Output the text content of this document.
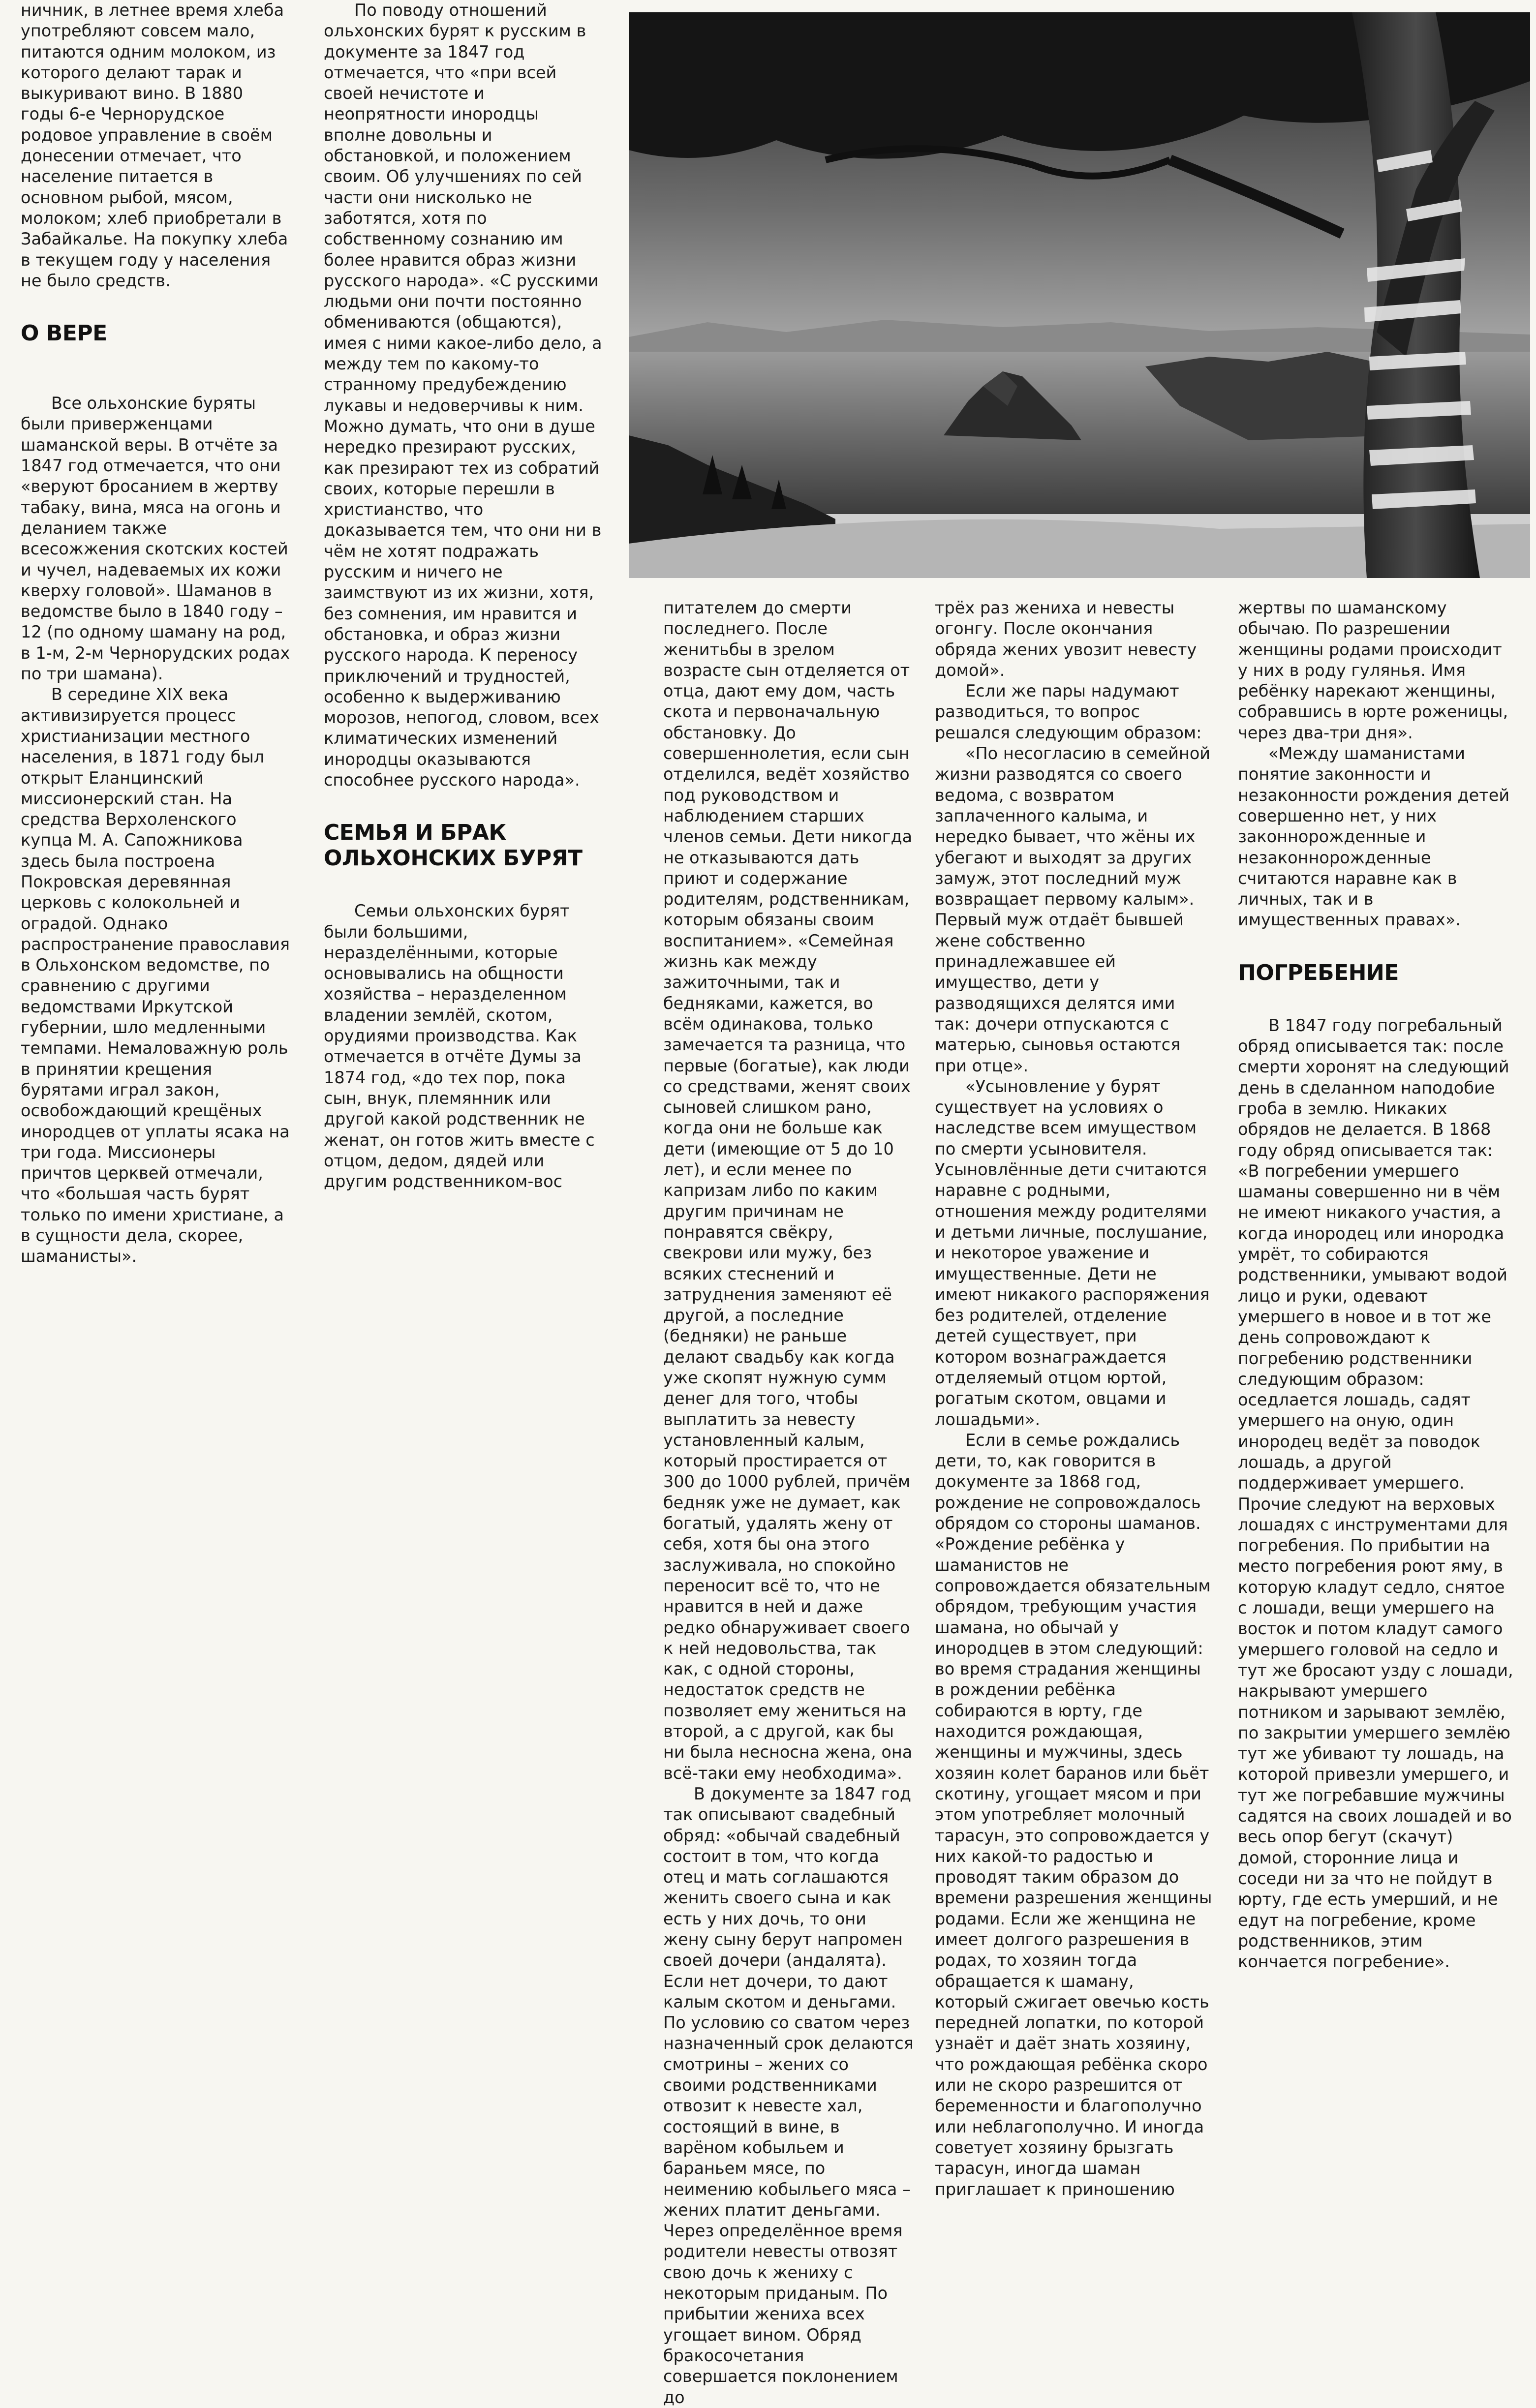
ничник, в летнее время хлеба употребляют совсем мало, питаются одним молоком, из которого делают тарак и выкуривают вино. В 1880 годы 6-е Чернорудское родовое управление в своём донесении отмечает, что население питается в основном рыбой, мясом, молоком; хлеб приобретали в Забайкалье. На покупку хлеба в текущем году у населения не было средств.

О ВЕРЕ

Все ольхонские буряты были приверженцами шаманской веры. В отчёте за 1847 год отмечается, что они «веруют бросанием в жертву табаку, вина, мяса на огонь и деланием также всесожжения скотских костей и чучел, надеваемых их кожи кверху головой». Шаманов в ведомстве было в 1840 году – 12 (по одному шаману на род, в 1-м, 2-м Чернорудских родах по три шамана).

В середине XIX века активизируется процесс христианизации местного населения, в 1871 году был открыт Еланцинский миссионерский стан. На средства Верхоленского купца М. А. Сапожникова здесь была построена Покровская деревянная церковь с колокольней и оградой. Однако распространение православия в Ольхонском ведомстве, по сравнению с другими ведомствами Иркутской губернии, шло медленными темпами. Немаловажную роль в принятии крещения бурятами играл закон, освобождающий крещёных инородцев от уплаты ясака на три года. Миссионеры причтов церквей отмечали, что «большая часть бурят только по имени христиане, а в сущности дела, скорее, шаманисты».

По поводу отношений ольхонских бурят к русским в документе за 1847 год отмечается, что «при всей своей нечистоте и неопрятности инородцы вполне довольны и обстановкой, и положением своим. Об улучшениях по сей части они нисколько не заботятся, хотя по собственному сознанию им более нравится образ жизни русского народа». «С русскими людьми они почти постоянно обмениваются (общаются), имея с ними какое-либо дело, а между тем по какому-то странному предубеждению лукавы и недоверчивы к ним. Можно думать, что они в душе нередко презирают русских, как презирают тех из собратий своих, которые перешли в христианство, что доказывается тем, что они ни в чём не хотят подражать русским и ничего не заимствуют из их жизни, хотя, без сомнения, им нравится и обстановка, и образ жизни русского народа. К переносу приключений и трудностей, особенно к выдерживанию морозов, непогод, словом, всех климатических изменений инородцы оказываются способнее русского народа».

СЕМЬЯ И БРАК ОЛЬХОНСКИХ БУРЯТ

Семьи ольхонских бурят были большими, неразделёнными, которые основывались на общности хозяйства – неразделенном владении землёй, скотом, орудиями производства. Как отмечается в отчёте Думы за 1874 год, «до тех пор, пока сын, внук, племянник или другой какой родственник не женат, он готов жить вместе с отцом, дедом, дядей или другим родственником-вос

питателем до смерти последнего. После женитьбы в зрелом возрасте сын отделяется от отца, дают ему дом, часть скота и первоначальную обстановку. До совершеннолетия, если сын отделился, ведёт хозяйство под руководством и наблюдением старших членов семьи. Дети никогда не отказываются дать приют и содержание родителям, родственникам, которым обязаны своим воспитанием». «Семейная жизнь как между зажиточными, так и бедняками, кажется, во всём одинакова, только замечается та разница, что первые (богатые), как люди со средствами, женят своих сыновей слишком рано, когда они не больше как дети (имеющие от 5 до 10 лет), и если менее по капризам либо по каким другим причинам не понравятся свёкру, свекрови или мужу, без всяких стеснений и затруднения заменяют её другой, а последние (бедняки) не раньше делают свадьбу как когда уже скопят нужную сумм денег для того, чтобы выплатить за невесту установленный калым, который простирается от 300 до 1000 рублей, причём бедняк уже не думает, как богатый, удалять жену от себя, хотя бы она этого заслуживала, но спокойно переносит всё то, что не нравится в ней и даже редко обнаруживает своего к ней недовольства, так как, с одной стороны, недостаток средств не позволяет ему жениться на второй, а с другой, как бы ни была несносна жена, она всё-таки ему необходима».

В документе за 1847 год так описывают свадебный обряд: «обычай свадебный состоит в том, что когда отец и мать соглашаются женить своего сына и как есть у них дочь, то они жену сыну берут напромен своей дочери (андалята). Если нет дочери, то дают калым скотом и деньгами. По условию со сватом через назначенный срок делаются смотрины – жених со своими родственниками отвозит к невесте хал, состоящий в вине, в варёном кобыльем и бараньем мясе, по неимению кобыльего мяса – жених платит деньгами. Через определённое время родители невесты отвозят свою дочь к жениху с некоторым приданым. По прибытии жениха всех угощает вином. Обряд бракосочетания совершается поклонением до

трёх раз жениха и невесты огонгу. После окончания обряда жених увозит невесту домой».

Если же пары надумают разводиться, то вопрос решался следующим образом:

«По несогласию в семейной жизни разводятся со своего ведома, с возвратом заплаченного калыма, и нередко бывает, что жёны их убегают и выходят за других замуж, этот последний муж возвращает первому калым». Первый муж отдаёт бывшей жене собственно принадлежавшее ей имущество, дети у разводящихся делятся ими так: дочери отпускаются с матерью, сыновья остаются при отце».

«Усыновление у бурят существует на условиях о наследстве всем имуществом по смерти усыновителя. Усыновлённые дети считаются наравне с родными, отношения между родителями и детьми личные, послушание, и некоторое уважение и имущественные. Дети не имеют никакого распоряжения без родителей, отделение детей существует, при котором вознаграждается отделяемый отцом юртой, рогатым скотом, овцами и лошадьми».

Если в семье рождались дети, то, как говорится в документе за 1868 год, рождение не сопровождалось обрядом со стороны шаманов. «Рождение ребёнка у шаманистов не сопровождается обязательным обрядом, требующим участия шамана, но обычай у инородцев в этом следующий: во время страдания женщины в рождении ребёнка собираются в юрту, где находится рождающая, женщины и мужчины, здесь хозяин колет баранов или бьёт скотину, угощает мясом и при этом употребляет молочный тарасун, это сопровождается у них какой-то радостью и проводят таким образом до времени разрешения женщины родами. Если же женщина не имеет долгого разрешения в родах, то хозяин тогда обращается к шаману, который сжигает овечью кость передней лопатки, по которой узнаёт и даёт знать хозяину, что рождающая ребёнка скоро или не скоро разрешится от беременности и благополучно или неблагополучно. И иногда советует хозяину брызгать тарасун, иногда шаман приглашает к приношению

жертвы по шаманскому обычаю. По разрешении женщины родами происходит у них в роду гулянья. Имя ребёнку нарекают женщины, собравшись в юрте роженицы, через два-три дня».

«Между шаманистами понятие законности и незаконности рождения детей совершенно нет, у них законнорожденные и незаконнорожденные считаются наравне как в личных, так и в имущественных правах».

ПОГРЕБЕНИЕ

В 1847 году погребальный обряд описывается так: после смерти хоронят на следующий день в сделанном наподобие гроба в землю. Никаких обрядов не делается. В 1868 году обряд описывается так: «В погребении умершего шаманы совершенно ни в чём не имеют никакого участия, а когда инородец или инородка умрёт, то собираются родственники, умывают водой лицо и руки, одевают умершего в новое и в тот же день сопровождают к погребению родственники следующим образом: оседлается лошадь, садят умершего на оную, один инородец ведёт за поводок лошадь, а другой поддерживает умершего. Прочие следуют на верховых лошадях с инструментами для погребения. По прибытии на место погребения роют яму, в которую кладут седло, снятое с лошади, вещи умершего на восток и потом кладут самого умершего головой на седло и тут же бросают узду с лошади, накрывают умершего потником и зарывают землёю, по закрытии умершего землёю тут же убивают ту лошадь, на которой привезли умершего, и тут же погребавшие мужчины садятся на своих лошадей и во весь опор бегут (скачут) домой, сторонние лица и соседи ни за что не пойдут в юрту, где есть умерший, и не едут на погребение, кроме родственников, этим кончается погребение».
